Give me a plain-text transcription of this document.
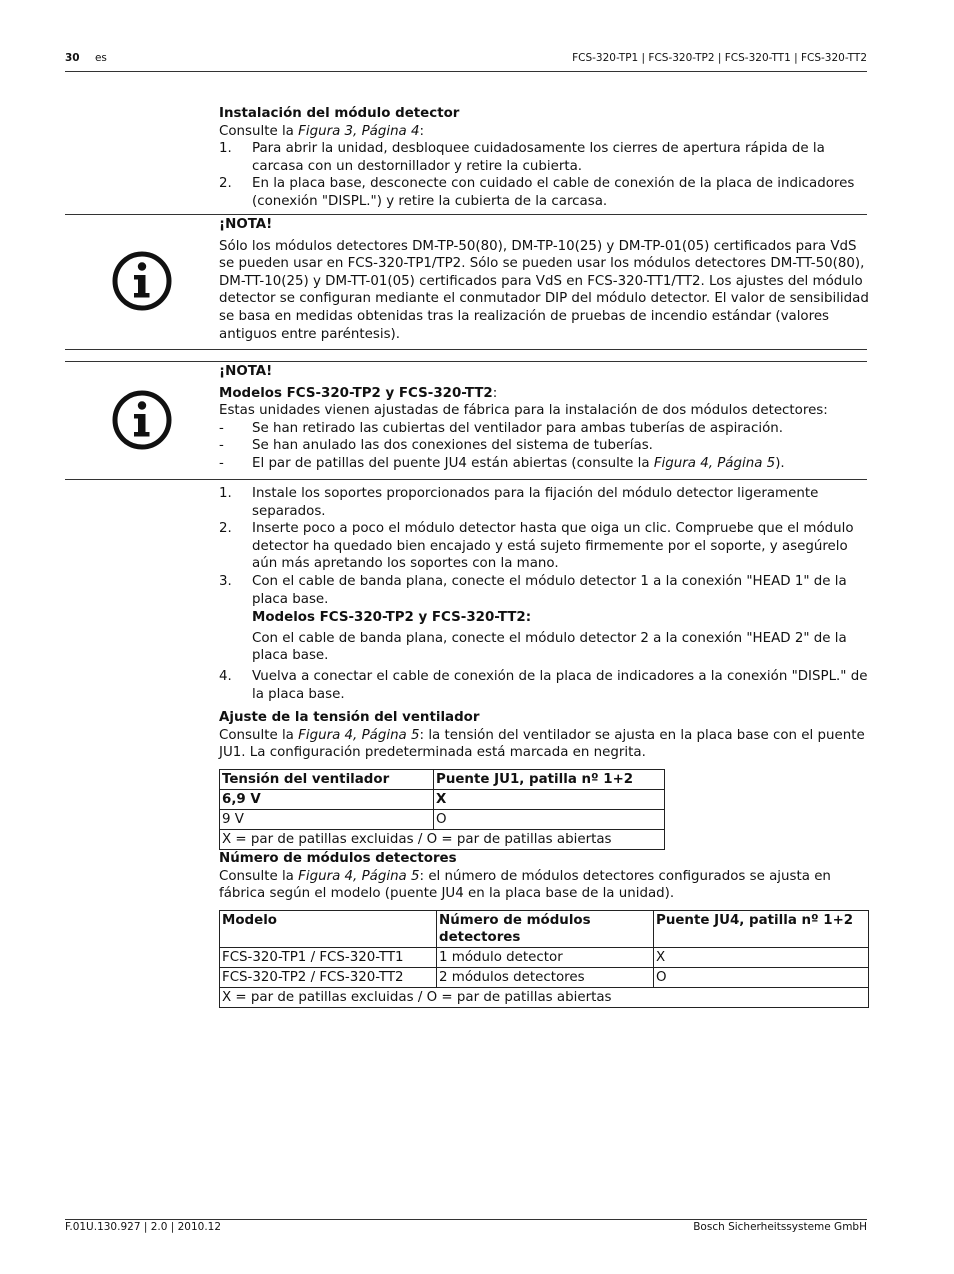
30 es	FCS-320-TP1 | FCS-320-TP2 | FCS-320-TT1 | FCS-320-TT2

Instalación del módulo detector

Consulte la Figura 3, Página 4:

1. Para abrir la unidad, desbloquee cuidadosamente los cierres de apertura rápida de la carcasa con un destornillador y retire la cubierta.
2. En la placa base, desconecte con cuidado el cable de conexión de la placa de indicadores (conexión "DISPL.") y retire la cubierta de la carcasa.

¡NOTA!

Sólo los módulos detectores DM-TP-50(80), DM-TP-10(25) y DM-TP-01(05) certificados para VdS se pueden usar en FCS-320-TP1/TP2. Sólo se pueden usar los módulos detectores DM-TT-50(80), DM-TT-10(25) y DM-TT-01(05) certificados para VdS en FCS-320-TT1/TT2. Los ajustes del módulo detector se configuran mediante el conmutador DIP del módulo detector. El valor de sensibilidad se basa en medidas obtenidas tras la realización de pruebas de incendio estándar (valores antiguos entre paréntesis).

¡NOTA!

Modelos FCS-320-TP2 y FCS-320-TT2:

Estas unidades vienen ajustadas de fábrica para la instalación de dos módulos detectores:

- Se han retirado las cubiertas del ventilador para ambas tuberías de aspiración.
- Se han anulado las dos conexiones del sistema de tuberías.
- El par de patillas del puente JU4 están abiertas (consulte la Figura 4, Página 5).
1. Instale los soportes proporcionados para la fijación del módulo detector ligeramente separados.
2. Inserte poco a poco el módulo detector hasta que oiga un clic. Compruebe que el módulo detector ha quedado bien encajado y está sujeto firmemente por el soporte, y asegúrelo aún más apretando los soportes con la mano.
3. Con el cable de banda plana, conecte el módulo detector 1 a la conexión "HEAD 1" de la placa base.

Modelos FCS-320-TP2 y FCS-320-TT2:

Con el cable de banda plana, conecte el módulo detector 2 a la conexión "HEAD 2" de la placa base.

4. Vuelva a conectar el cable de conexión de la placa de indicadores a la conexión "DISPL." de la placa base.

Ajuste de la tensión del ventilador

Consulte la Figura 4, Página 5: la tensión del ventilador se ajusta en la placa base con el puente JU1. La configuración predeterminada está marcada en negrita.

Tensión del ventilador	Puente JU1, patilla nº 1+2
6,9 V	X
9 V	O
X = par de patillas excluidas / O = par de patillas abiertas	

Número de módulos detectores

Consulte la Figura 4, Página 5: el número de módulos detectores configurados se ajusta en fábrica según el modelo (puente JU4 en la placa base de la unidad).

Modelo	Número de módulos detectores	Puente JU4, patilla nº 1+2
FCS-320-TP1 / FCS-320-TT1	1 módulo detector	X
FCS-320-TP2 / FCS-320-TT2	2 módulos detectores	O
X = par de patillas excluidas / O = par de patillas abiertas		
F.01U.130.927 | 2.0 | 2010.12	Bosch Sicherheitssysteme GmbH
